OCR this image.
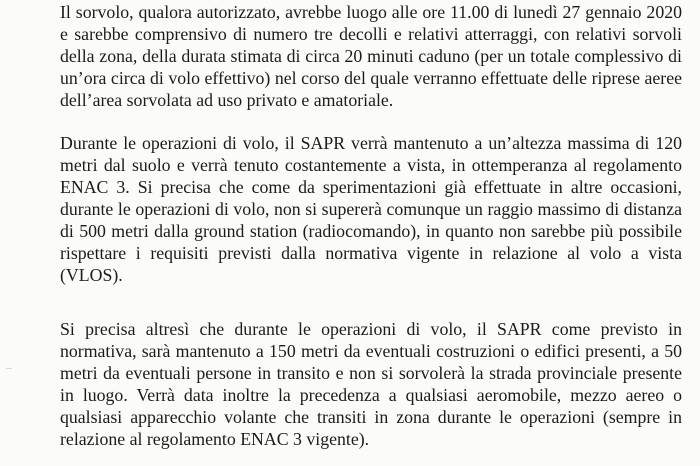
Il sorvolo, qualora autorizzato, avrebbe luogo alle ore 11.00 di lunedì 27 gennaio 2020 e sarebbe comprensivo di numero tre decolli e relativi atterraggi, con relativi sorvoli della zona, della durata stimata di circa 20 minuti caduno (per un totale complessivo di un’ora circa di volo effettivo) nel corso del quale verranno effettuate delle riprese aeree dell’area sorvolata ad uso privato e amatoriale.

Durante le operazioni di volo, il SAPR verrà mantenuto a un’altezza massima di 120 metri dal suolo e verrà tenuto costantemente a vista, in ottemperanza al regolamento ENAC 3. Si precisa che come da sperimentazioni già effettuate in altre occasioni, durante le operazioni di volo, non si supererà comunque un raggio massimo di distanza di 500 metri dalla ground station (radiocomando), in quanto non sarebbe più possibile rispettare i requisiti previsti dalla normativa vigente in relazione al volo a vista (VLOS).

Si precisa altresì che durante le operazioni di volo, il SAPR come previsto in normativa, sarà mantenuto a 150 metri da eventuali costruzioni o edifici presenti, a 50 metri da eventuali persone in transito e non si sorvolerà la strada provinciale presente in luogo. Verrà data inoltre la precedenza a qualsiasi aeromobile, mezzo aereo o qualsiasi apparecchio volante che transiti in zona durante le operazioni (sempre in relazione al regolamento ENAC 3 vigente).
